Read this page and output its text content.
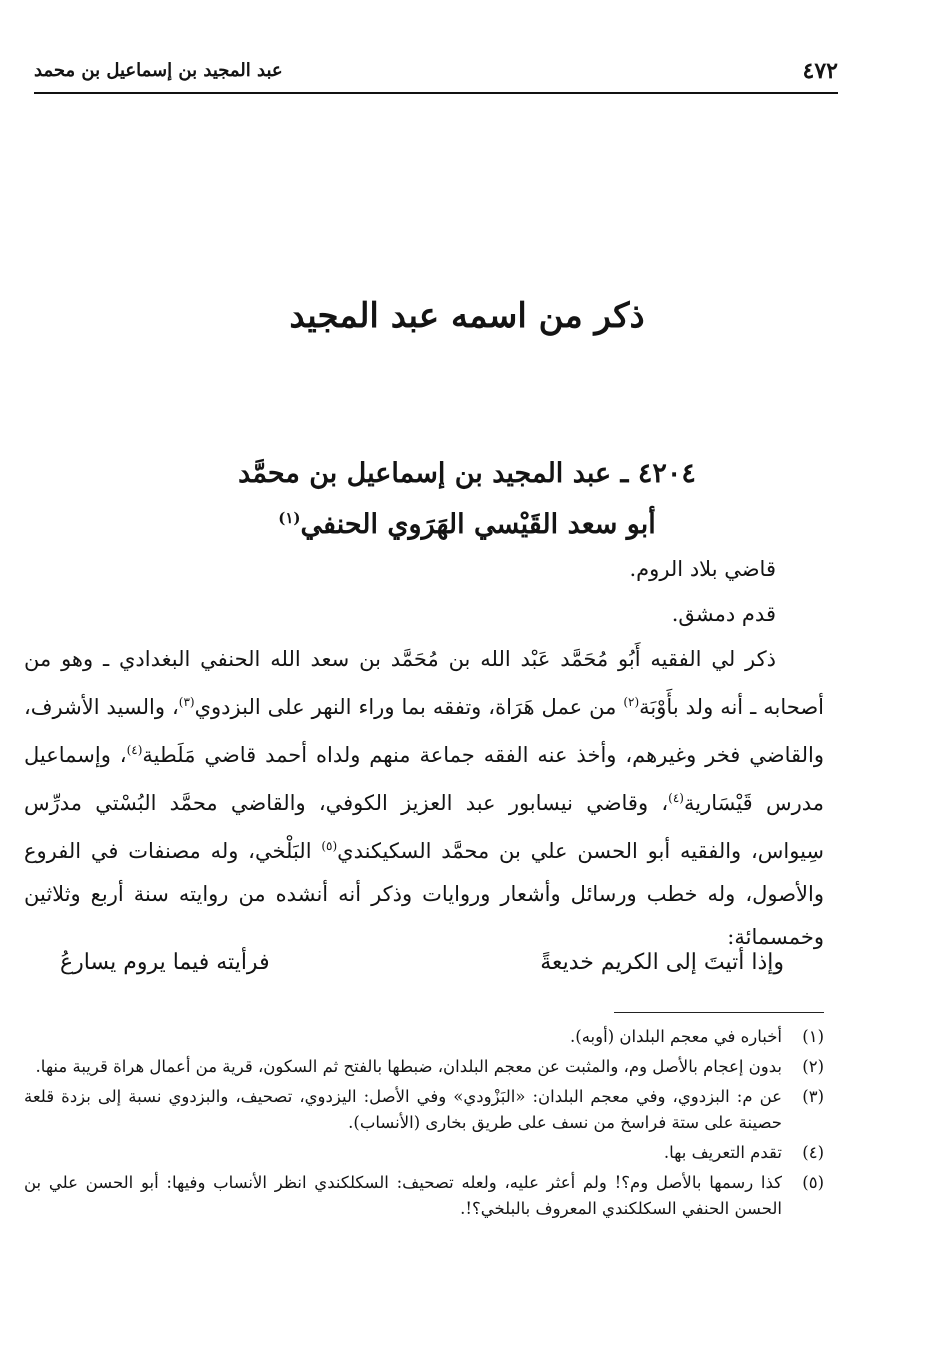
٤٧٢
عبد المجيد بن إسماعيل بن محمد
ذكر من اسمه عبد المجيد
٤٢٠٤ ـ عبد المجيد بن إسماعيل بن محمَّد
أبو سعد القَيْسي الهَرَوي الحنفي$^{(١)}$

قاضي بلاد الروم.

قدم دمشق.

ذكر لي الفقيه أَبُو مُحَمَّد عَبْد الله بن مُحَمَّد بن سعد الله الحنفي البغدادي ـ وهو من أصحابه ـ أنه ولد بأَوْبَة$^{(٢)}$ من عمل هَرَاة، وتفقه بما وراء النهر على البزدوي$^{(٣)}$، والسيد الأشرف، والقاضي فخر وغيرهم، وأخذ عنه الفقه جماعة منهم ولداه أحمد قاضي مَلَطية$^{(٤)}$، وإسماعيل مدرس قَيْسَارية$^{(٤)}$، وقاضي نيسابور عبد العزيز الكوفي، والقاضي محمَّد البُسْتي مدرِّس سِيواس، والفقيه أبو الحسن علي بن محمَّد السكيكندي$^{(٥)}$ البَلْخي، وله مصنفات في الفروع والأصول، وله خطب ورسائل وأشعار وروايات وذكر أنه أنشده من روايته سنة أربع وثلاثين وخمسمائة:

وإذا أتيتَ إلى الكريم خديعةً
فرأيته فيما يروم يسارعُ
(١)
أخباره في معجم البلدان (أوبه).
(٢)
بدون إعجام بالأصل وم، والمثبت عن معجم البلدان، ضبطها بالفتح ثم السكون، قرية من أعمال هراة قريبة منها.
(٣)
عن م: البزدوي، وفي معجم البلدان: «البَزْودي» وفي الأصل: اليزدوي، تصحيف، والبزدوي نسبة إلى بزدة قلعة حصينة على ستة فراسخ من نسف على طريق بخارى (الأنساب).
(٤)
تقدم التعريف بها.
(٥)
كذا رسمها بالأصل وم؟! ولم أعثر عليه، ولعله تصحيف: السكلكندي انظر الأنساب وفيها: أبو الحسن علي بن الحسن الحنفي السكلكندي المعروف بالبلخي؟!.
